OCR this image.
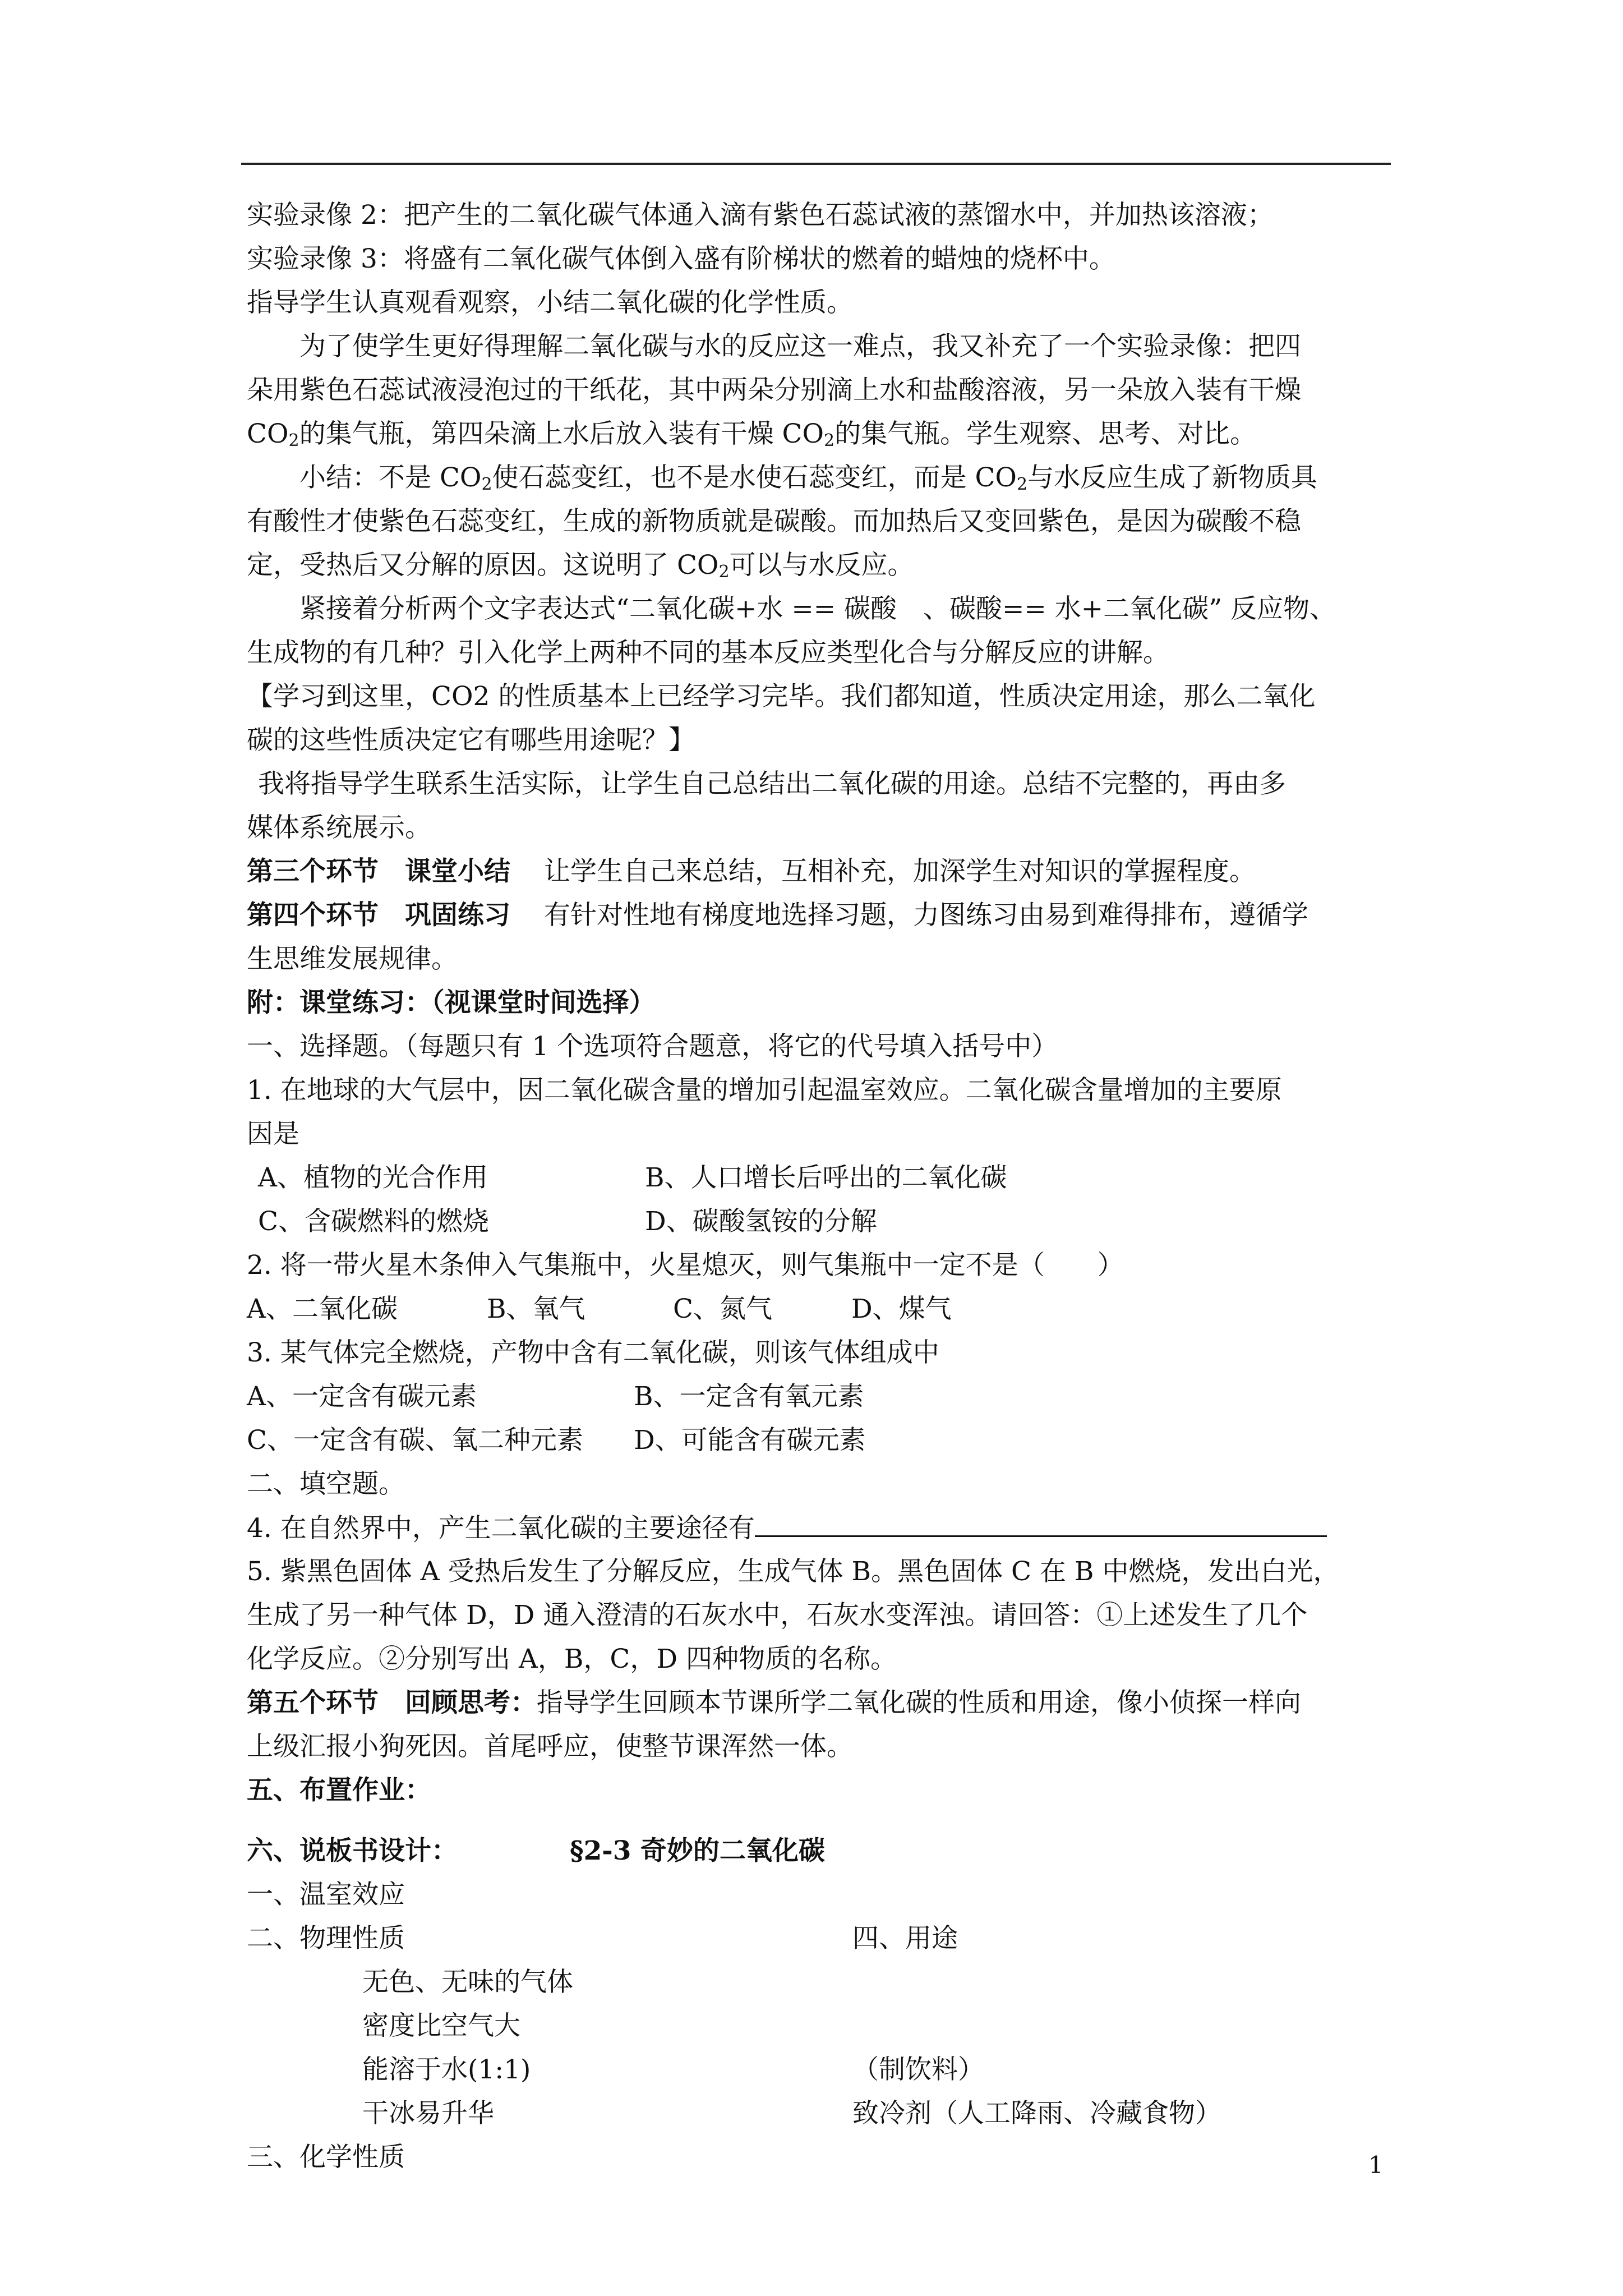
实验录像 2：把产生的二氧化碳气体通入滴有紫色石蕊试液的蒸馏水中，并加热该溶液；

实验录像 3：将盛有二氧化碳气体倒入盛有阶梯状的燃着的蜡烛的烧杯中。

指导学生认真观看观察，小结二氧化碳的化学性质。

为了使学生更好得理解二氧化碳与水的反应这一难点，我又补充了一个实验录像：把四

朵用紫色石蕊试液浸泡过的干纸花，其中两朵分别滴上水和盐酸溶液，另一朵放入装有干燥

$CO_2$的集气瓶，第四朵滴上水后放入装有干燥 $CO_2$的集气瓶。学生观察、思考、对比。

小结：不是 $CO_2$使石蕊变红，也不是水使石蕊变红，而是 $CO_2$与水反应生成了新物质具

有酸性才使紫色石蕊变红，生成的新物质就是碳酸。而加热后又变回紫色，是因为碳酸不稳

定，受热后又分解的原因。这说明了 $CO_2$可以与水反应。

紧接着分析两个文字表达式“二氧化碳+水 == 碳酸　、碳酸== 水+二氧化碳” 反应物、

生成物的有几种？引入化学上两种不同的基本反应类型化合与分解反应的讲解。

【学习到这里，CO2 的性质基本上已经学习完毕。我们都知道，性质决定用途，那么二氧化

碳的这些性质决定它有哪些用途呢？】

我将指导学生联系生活实际，让学生自己总结出二氧化碳的用途。总结不完整的，再由多

媒体系统展示。

第三个环节　课堂小结 让学生自己来总结，互相补充，加深学生对知识的掌握程度。

第四个环节　巩固练习 有针对性地有梯度地选择习题，力图练习由易到难得排布，遵循学

生思维发展规律。

附：课堂练习：（视课堂时间选择）

一、选择题。（每题只有 1 个选项符合题意，将它的代号填入括号中）

1. 在地球的大气层中，因二氧化碳含量的增加引起温室效应。二氧化碳含量增加的主要原

因是

A、植物的光合作用	B、人口增长后呼出的二氧化碳

C、含碳燃料的燃烧	D、碳酸氢铵的分解

2. 将一带火星木条伸入气集瓶中，火星熄灭，则气集瓶中一定不是（　　）

A、二氧化碳	B、氧气	C、氮气	D、煤气

3. 某气体完全燃烧，产物中含有二氧化碳，则该气体组成中

A、一定含有碳元素	B、一定含有氧元素

C、一定含有碳、氧二种元素 D、可能含有碳元素

二、填空题。

4. 在自然界中，产生二氧化碳的主要途径有

5. 紫黑色固体 A 受热后发生了分解反应，生成气体 B。黑色固体 C 在 B 中燃烧，发出白光，

生成了另一种气体 D，D 通入澄清的石灰水中，石灰水变浑浊。请回答：①上述发生了几个

化学反应。②分别写出 A，B，C，D 四种物质的名称。

第五个环节　回顾思考：指导学生回顾本节课所学二氧化碳的性质和用途，像小侦探一样向

上级汇报小狗死因。首尾呼应，使整节课浑然一体。

五、布置作业：

六、说板书设计：	§2-3 奇妙的二氧化碳

一、温室效应

二、物理性质	四、用途
无色、无味的气体
密度比空气大
能溶于水(1:1)	（制饮料）
干冰易升华	致冷剂（人工降雨、冷藏食物）

三、化学性质	1
